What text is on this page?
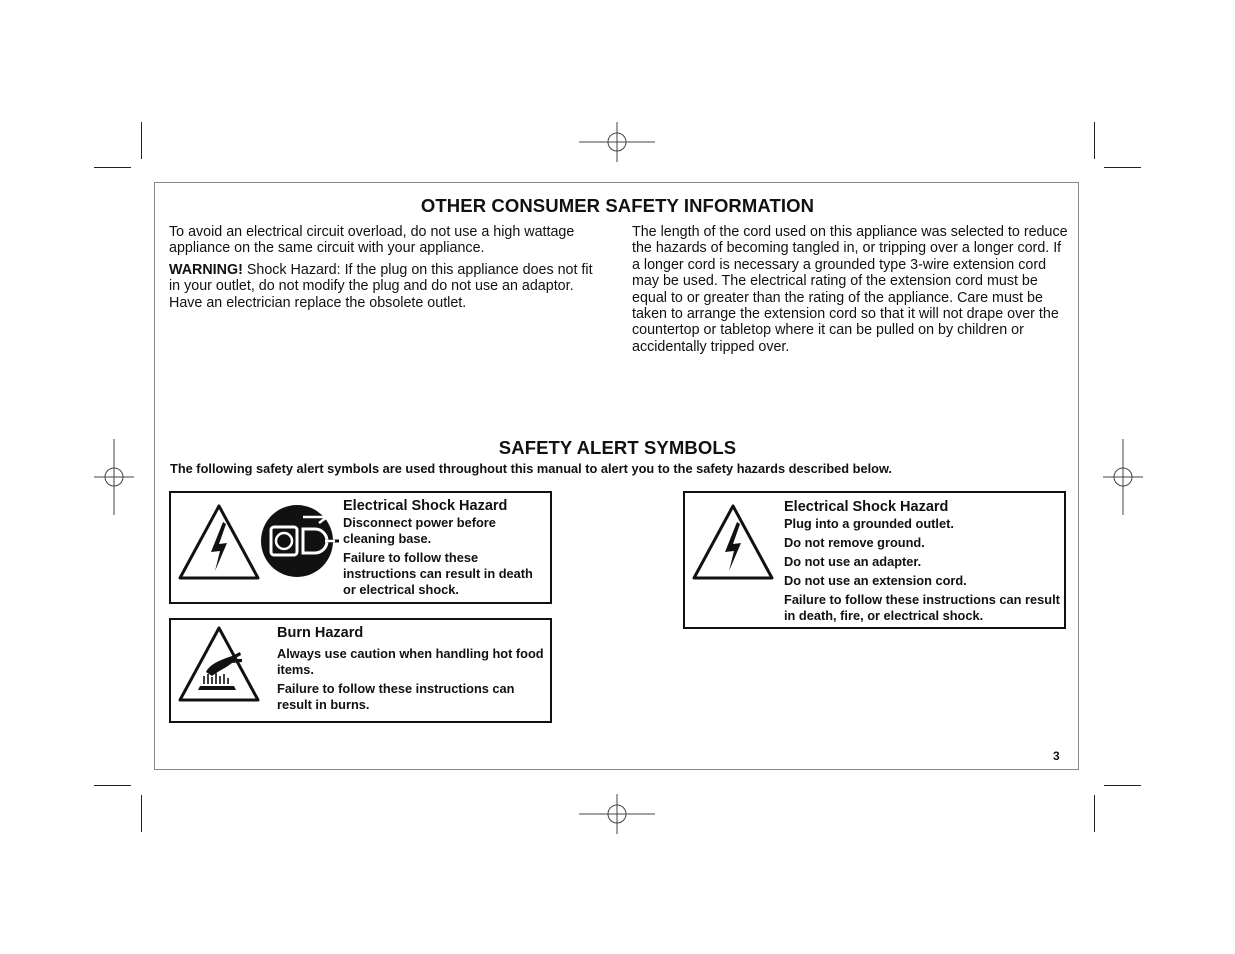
OTHER CONSUMER SAFETY INFORMATION

To avoid an electrical circuit overload, do not use a high wattage appliance on the same circuit with your appliance.

WARNING! Shock Hazard: If the plug on this appliance does not fit in your outlet, do not modify the plug and do not use an adaptor. Have an electrician replace the obsolete outlet.

The length of the cord used on this appliance was selected to reduce the hazards of becoming tangled in, or tripping over a longer cord. If a longer cord is necessary a grounded type 3-wire extension cord may be used. The electrical rating of the extension cord must be equal to or greater than the rating of the appliance. Care must be taken to arrange the extension cord so that it will not drape over the countertop or tabletop where it can be pulled on by children or accidentally tripped over.

SAFETY ALERT SYMBOLS
The following safety alert symbols are used throughout this manual to alert you to the safety hazards described below.
Electrical Shock Hazard

Disconnect power before cleaning base.

Failure to follow these instructions can result in death or electrical shock.

Burn Hazard

Always use caution when handling hot food items.

Failure to follow these instructions can result in burns.

Electrical Shock Hazard

Plug into a grounded outlet.

Do not remove ground.

Do not use an adapter.

Do not use an extension cord.

Failure to follow these instructions can result in death, fire, or electrical shock.

3
